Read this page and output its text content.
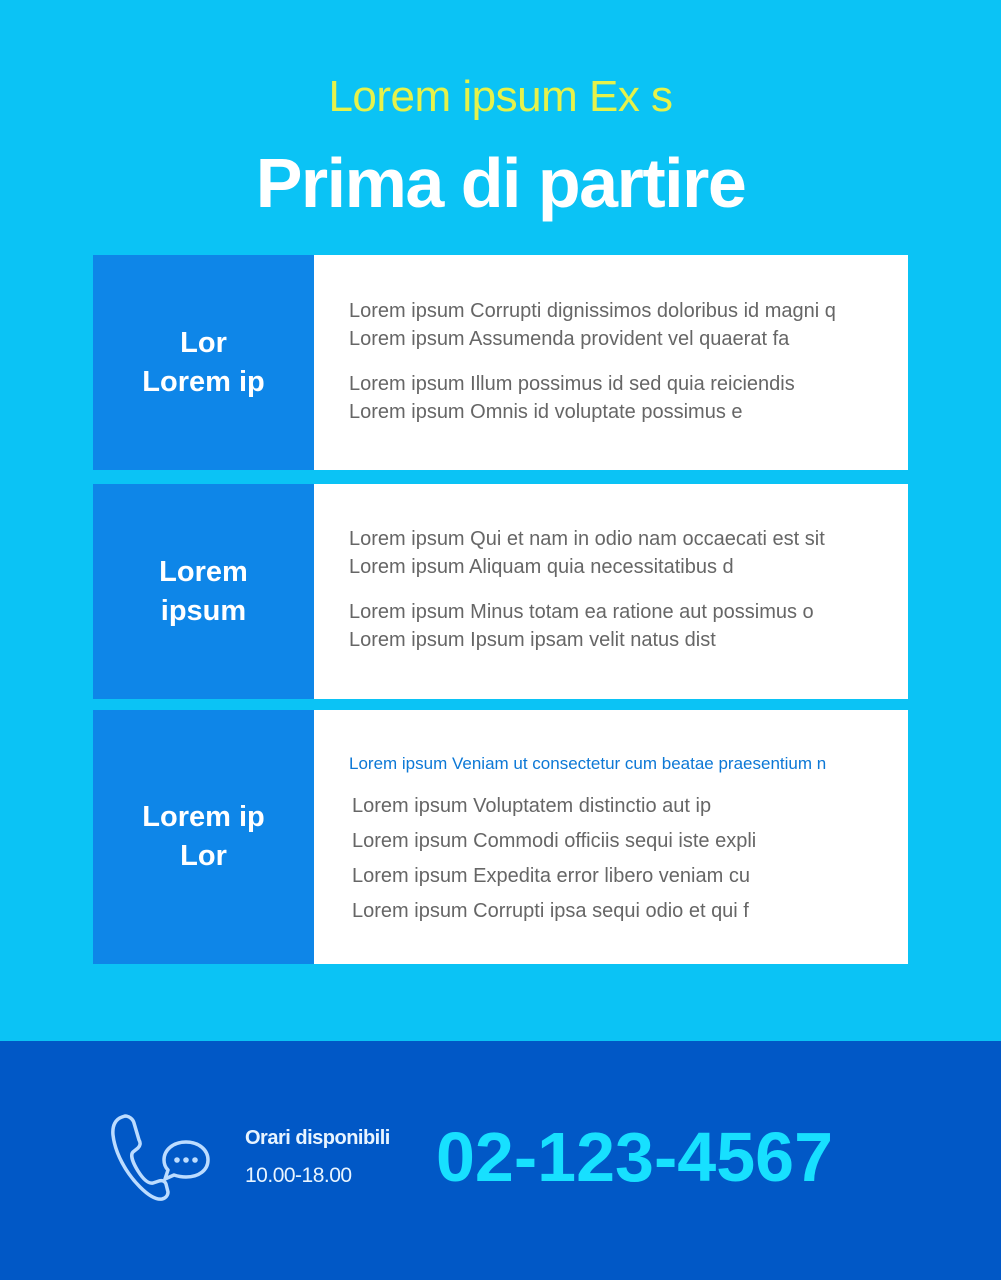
Lorem ipsum Ex s
Prima di partire
Lor
Lorem ip
Lorem ipsum Corrupti dignissimos doloribus id magni q
Lorem ipsum Assumenda provident vel quaerat fa
Lorem ipsum Illum possimus id sed quia reiciendis
Lorem ipsum Omnis id voluptate possimus e
Lorem
ipsum
Lorem ipsum Qui et nam in odio nam occaecati est sit
Lorem ipsum Aliquam quia necessitatibus d
Lorem ipsum Minus totam ea ratione aut possimus o
Lorem ipsum Ipsum ipsam velit natus dist
Lorem ip
Lor
Lorem ipsum Veniam ut consectetur cum beatae praesentium n
Lorem ipsum Voluptatem distinctio aut ip
Lorem ipsum Commodi officiis sequi iste expli
Lorem ipsum Expedita error libero veniam cu
Lorem ipsum Corrupti ipsa sequi odio et qui f
Orari disponibili
10.00-18.00 02-123-4567
